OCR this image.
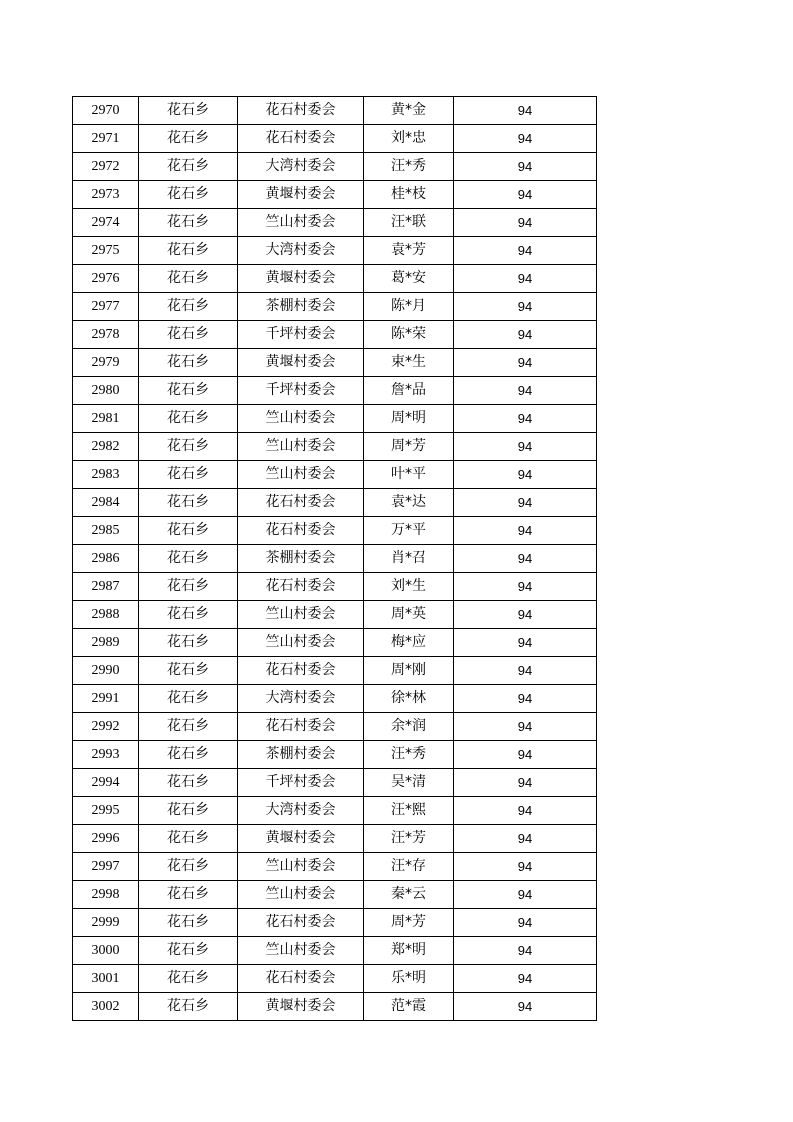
2970	花石乡	花石村委会	黄*金	94
2971	花石乡	花石村委会	刘*忠	94
2972	花石乡	大湾村委会	汪*秀	94
2973	花石乡	黄堰村委会	桂*枝	94
2974	花石乡	竺山村委会	汪*联	94
2975	花石乡	大湾村委会	袁*芳	94
2976	花石乡	黄堰村委会	葛*安	94
2977	花石乡	茶棚村委会	陈*月	94
2978	花石乡	千坪村委会	陈*荣	94
2979	花石乡	黄堰村委会	束*生	94
2980	花石乡	千坪村委会	詹*品	94
2981	花石乡	竺山村委会	周*明	94
2982	花石乡	竺山村委会	周*芳	94
2983	花石乡	竺山村委会	叶*平	94
2984	花石乡	花石村委会	袁*达	94
2985	花石乡	花石村委会	万*平	94
2986	花石乡	茶棚村委会	肖*召	94
2987	花石乡	花石村委会	刘*生	94
2988	花石乡	竺山村委会	周*英	94
2989	花石乡	竺山村委会	梅*应	94
2990	花石乡	花石村委会	周*刚	94
2991	花石乡	大湾村委会	徐*林	94
2992	花石乡	花石村委会	余*润	94
2993	花石乡	茶棚村委会	汪*秀	94
2994	花石乡	千坪村委会	吴*清	94
2995	花石乡	大湾村委会	汪*熙	94
2996	花石乡	黄堰村委会	汪*芳	94
2997	花石乡	竺山村委会	汪*存	94
2998	花石乡	竺山村委会	秦*云	94
2999	花石乡	花石村委会	周*芳	94
3000	花石乡	竺山村委会	郑*明	94
3001	花石乡	花石村委会	乐*明	94
3002	花石乡	黄堰村委会	范*霞	94
